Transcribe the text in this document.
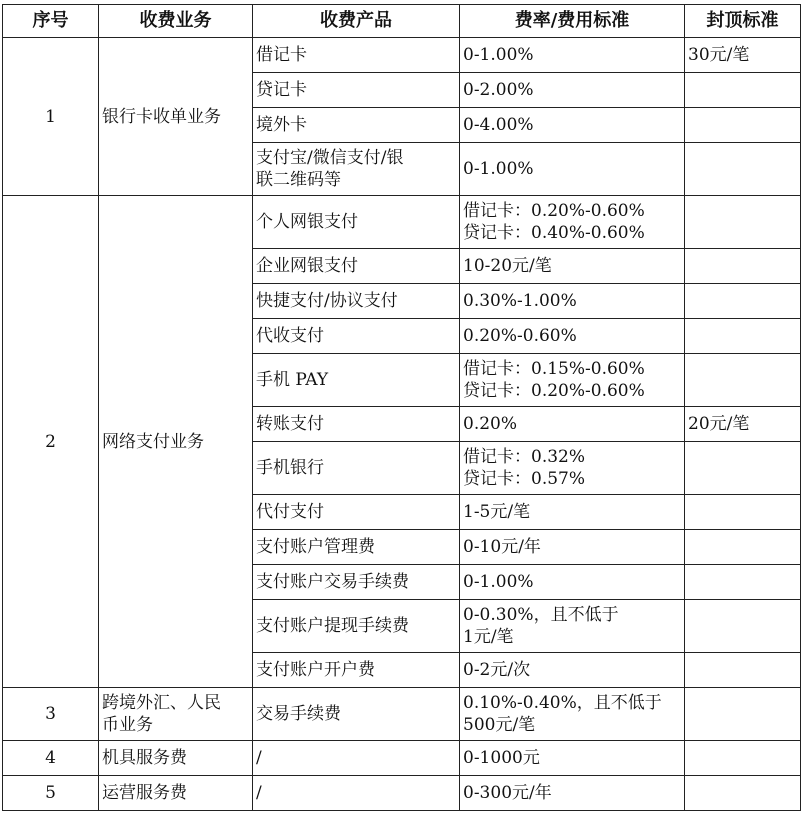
序号	收费业务	收费产品	费率/费用标准	封顶标准
1	银行卡收单业务	借记卡	0-1.00%	30元/笔

		贷记卡	0-2.00%	

		境外卡	0-4.00%	

		支付宝/微信支付/银
联二维码等	0-1.00%	

2	网络支付业务	个人网银支付	借记卡：0.20%-0.60%
贷记卡：0.40%-0.60%	

		企业网银支付	10-20元/笔	

		快捷支付/协议支付	0.30%-1.00%	

		代收支付	0.20%-0.60%	

		手机 PAY	借记卡：0.15%-0.60%
贷记卡：0.20%-0.60%	

		转账支付	0.20%	20元/笔

		手机银行	借记卡：0.32%
贷记卡：0.57%	

		代付支付	1-5元/笔	

		支付账户管理费	0-10元/年	

		支付账户交易手续费	0-1.00%	

		支付账户提现手续费	0-0.30%，且不低于
1元/笔	

		支付账户开户费	0-2元/次	

3	跨境外汇、人民
币业务	交易手续费	0.10%-0.40%，且不低于
500元/笔	

4	机具服务费	/	0-1000元	

5	运营服务费	/	0-300元/年	
